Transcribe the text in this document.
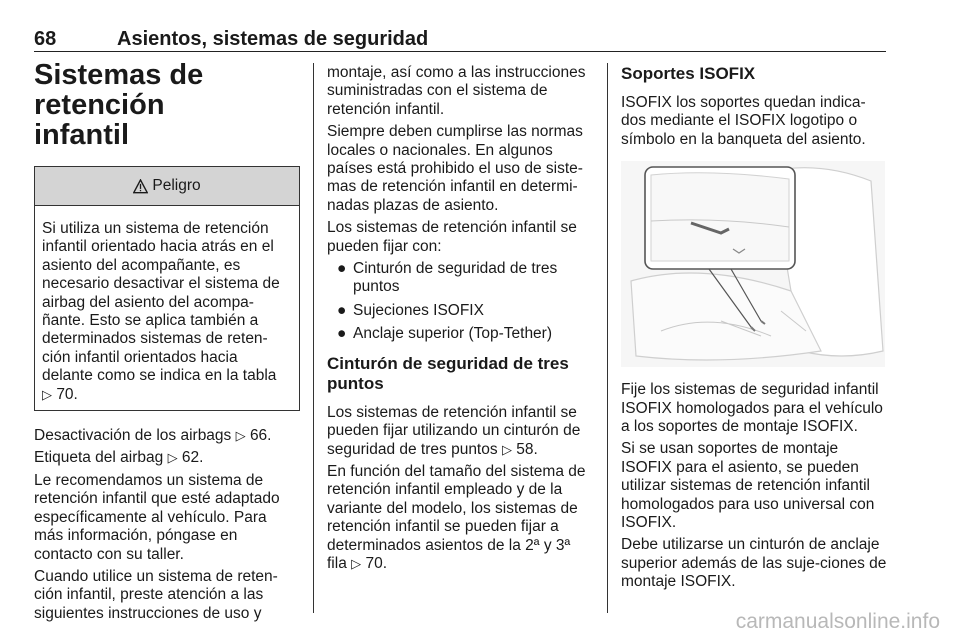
68	Asientos, sistemas de seguridad
Sistemas de retención
infantil
Peligro
Si utiliza un sistema de retención infantil orientado hacia atrás en el asiento del acompañante, es necesario desactivar el sistema de airbag del asiento del acompa-ñante. Esto se aplica también a determinados sistemas de reten-ción infantil orientados hacia delante como se indica en la tabla
▷ 70.

Desactivación de los airbags ▷ 66.

Etiqueta del airbag ▷ 62.

Le recomendamos un sistema de retención infantil que esté adaptado específicamente al vehículo. Para más información, póngase en contacto con su taller.

Cuando utilice un sistema de reten-ción infantil, preste atención a las siguientes instrucciones de uso y

montaje, así como a las instrucciones suministradas con el sistema de retención infantil.

Siempre deben cumplirse las normas locales o nacionales. En algunos países está prohibido el uso de siste-mas de retención infantil en determi-nadas plazas de asiento.

Los sistemas de retención infantil se pueden fijar con:

● Cinturón de seguridad de tres puntos
● Sujeciones ISOFIX
● Anclaje superior (Top-Tether)
Cinturón de seguridad de tres puntos

Los sistemas de retención infantil se pueden fijar utilizando un cinturón de seguridad de tres puntos ▷ 58.

En función del tamaño del sistema de retención infantil empleado y de la variante del modelo, los sistemas de retención infantil se pueden fijar a determinados asientos de la 2ª y 3ª fila ▷ 70.

Soportes ISOFIX

ISOFIX los soportes quedan indica-dos mediante el ISOFIX logotipo o símbolo en la banqueta del asiento.

Fije los sistemas de seguridad infantil ISOFIX homologados para el vehículo a los soportes de montaje ISOFIX.

Si se usan soportes de montaje ISOFIX para el asiento, se pueden utilizar sistemas de retención infantil homologados para uso universal con ISOFIX.

Debe utilizarse un cinturón de anclaje superior además de las suje-ciones de montaje ISOFIX.

carmanualsonline.info
